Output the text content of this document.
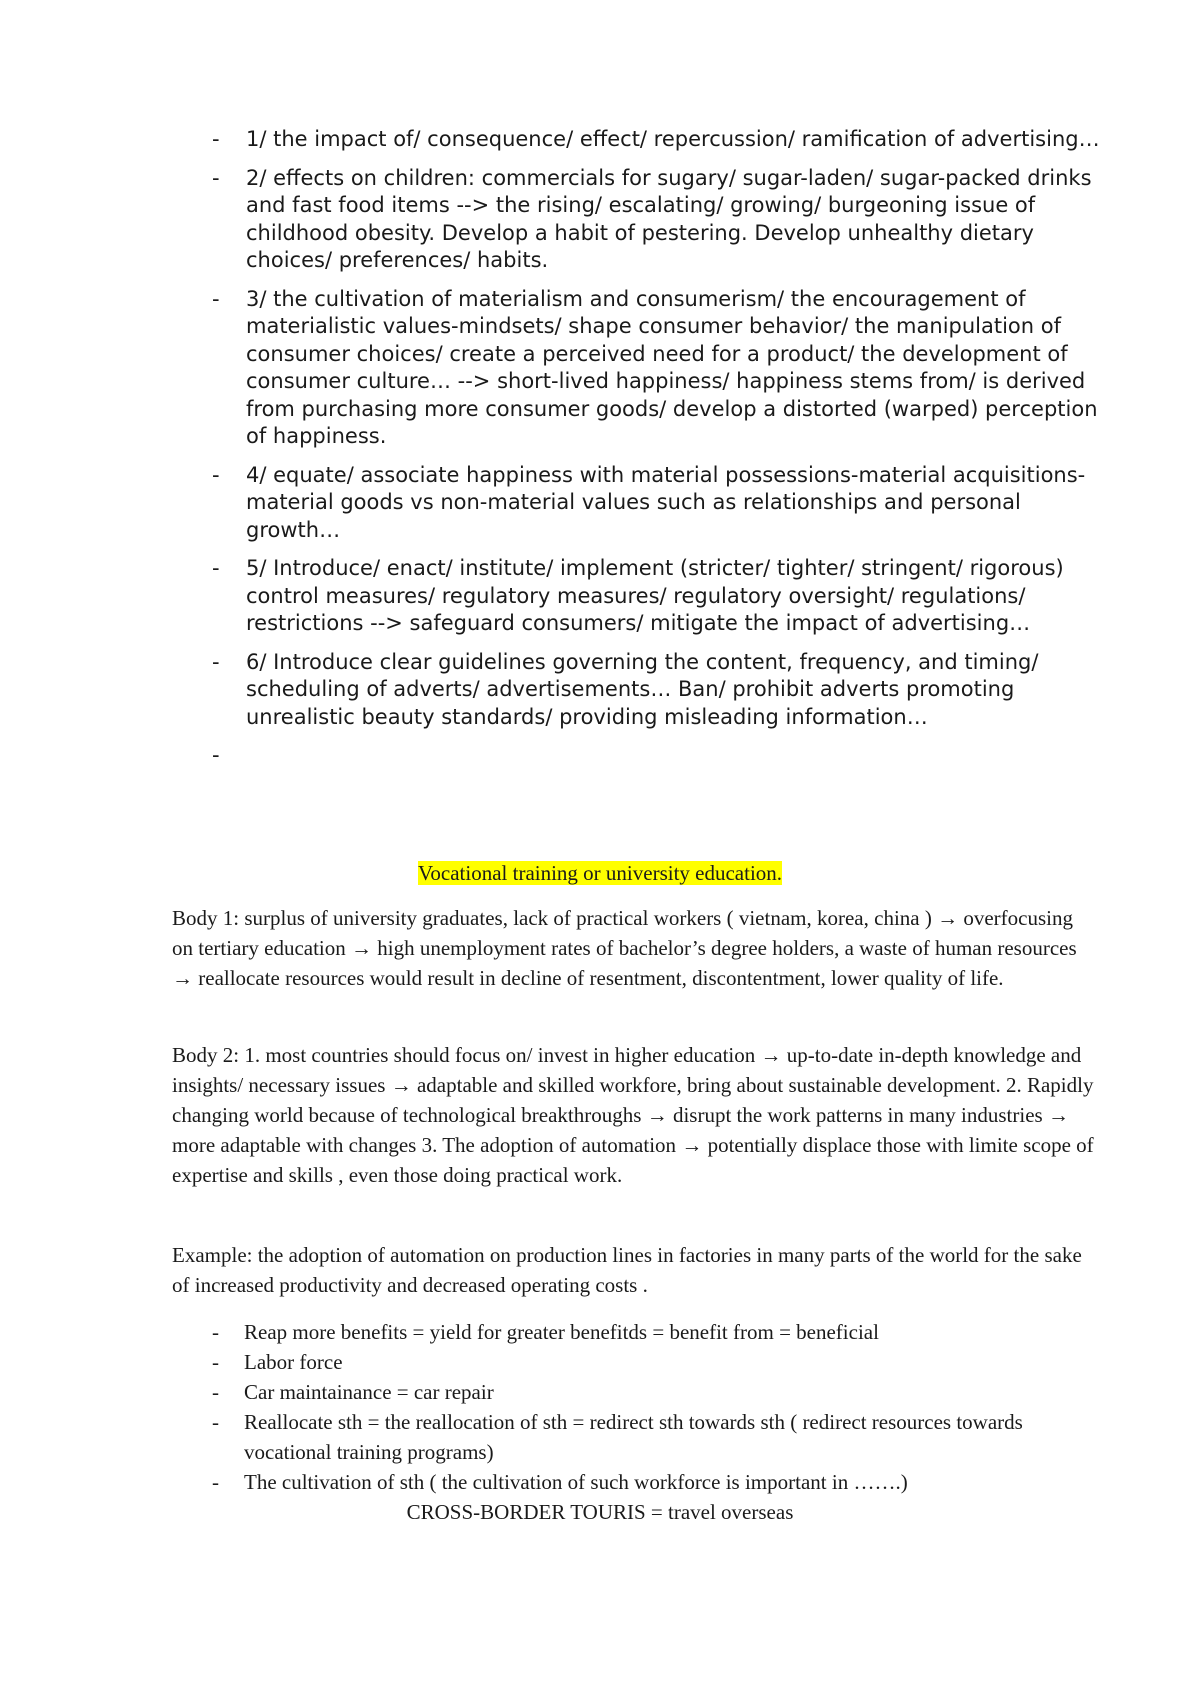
- 1/ the impact of/ consequence/ effect/ repercussion/ ramification of advertising…
- 2/ effects on children: commercials for sugary/ sugar-laden/ sugar-packed drinks and fast food items --> the rising/ escalating/ growing/ burgeoning issue of childhood obesity. Develop a habit of pestering. Develop unhealthy dietary choices/ preferences/ habits.
- 3/ the cultivation of materialism and consumerism/ the encouragement of materialistic values-mindsets/ shape consumer behavior/ the manipulation of consumer choices/ create a perceived need for a product/ the development of consumer culture… --> short-lived happiness/ happiness stems from/ is derived from purchasing more consumer goods/ develop a distorted (warped) perception of happiness.
- 4/ equate/ associate happiness with material possessions-material acquisitions-material goods vs non-material values such as relationships and personal growth…
- 5/ Introduce/ enact/ institute/ implement (stricter/ tighter/ stringent/ rigorous) control measures/ regulatory measures/ regulatory oversight/ regulations/ restrictions --> safeguard consumers/ mitigate the impact of advertising…
- 6/ Introduce clear guidelines governing the content, frequency, and timing/ scheduling of adverts/ advertisements… Ban/ prohibit adverts promoting unrealistic beauty standards/ providing misleading information…
-
Vocational training or university education.

Body 1: surplus of university graduates, lack of practical workers ( vietnam, korea, china ) → overfocusing on tertiary education → high unemployment rates of bachelor’s degree holders, a waste of human resources → reallocate resources would result in decline of resentment, discontentment, lower quality of life.

Body 2: 1. most countries should focus on/ invest in higher education → up-to-date in-depth knowledge and insights/ necessary issues → adaptable and skilled workfore, bring about sustainable development. 2. Rapidly changing world because of technological breakthroughs → disrupt the work patterns in many industries → more adaptable with changes 3. The adoption of automation → potentially displace those with limite scope of expertise and skills , even those doing practical work.

Example: the adoption of automation on production lines in factories in many parts of the world for the sake of increased productivity and decreased operating costs .

- Reap more benefits = yield for greater benefitds = benefit from = beneficial
- Labor force
- Car maintainance = car repair
- Reallocate sth = the reallocation of sth = redirect sth towards sth ( redirect resources towards vocational training programs)
- The cultivation of sth ( the cultivation of such workforce is important in …….)
CROSS-BORDER TOURIS = travel overseas
